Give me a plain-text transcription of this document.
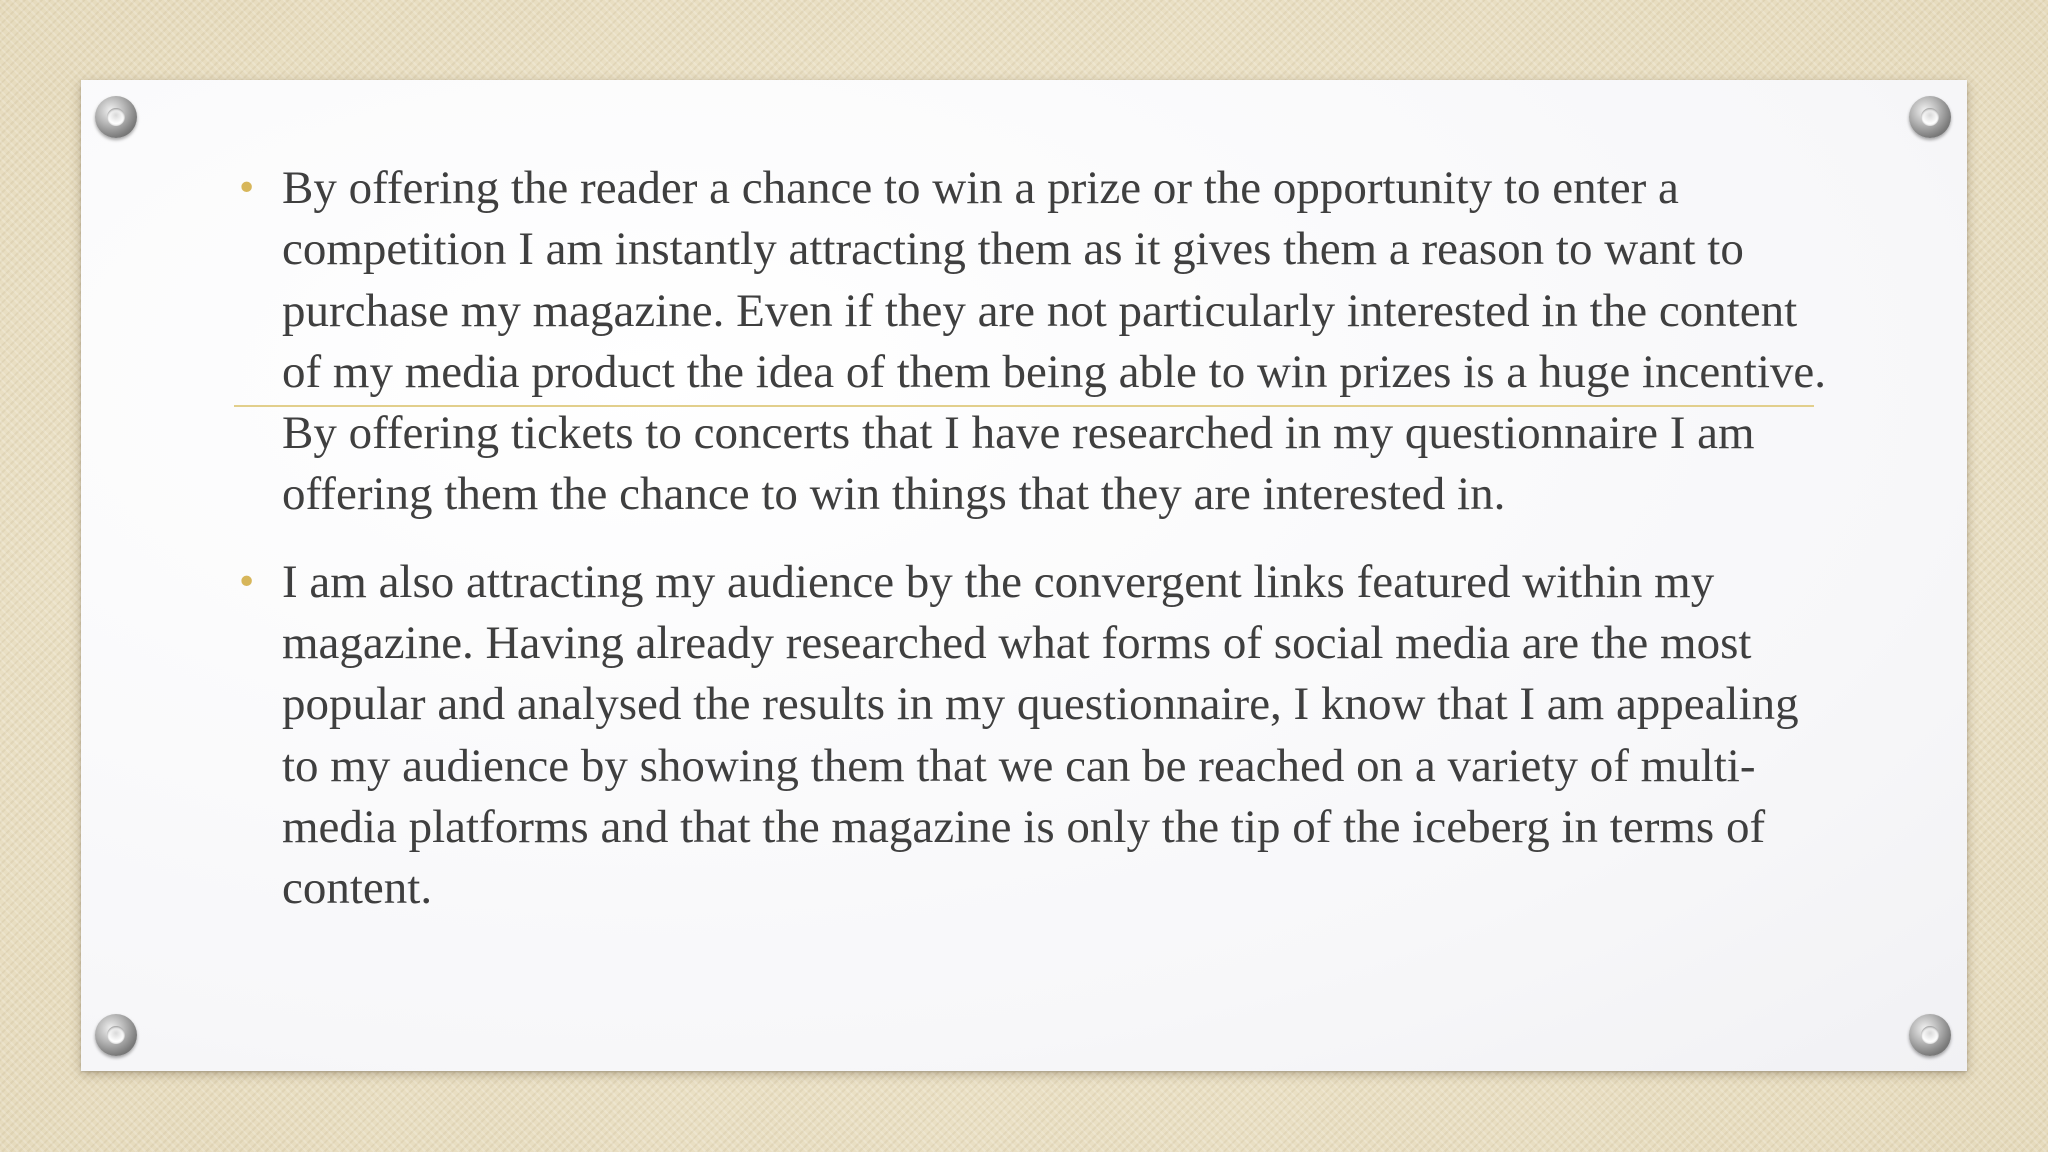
• By offering the reader a chance to win a prize or the opportunity to enter a competition I am instantly attracting them as it gives them a reason to want to purchase my magazine. Even if they are not particularly interested in the content of my media product the idea of them being able to win prizes is a huge incentive. By offering tickets to concerts that I have researched in my questionnaire I am offering them the chance to win things that they are interested in.
• I am also attracting my audience by the convergent links featured within my magazine. Having already researched what forms of social media are the most popular and analysed the results in my questionnaire, I know that I am appealing to my audience by showing them that we can be reached on a variety of multi-media platforms and that the magazine is only the tip of the iceberg in terms of content.
